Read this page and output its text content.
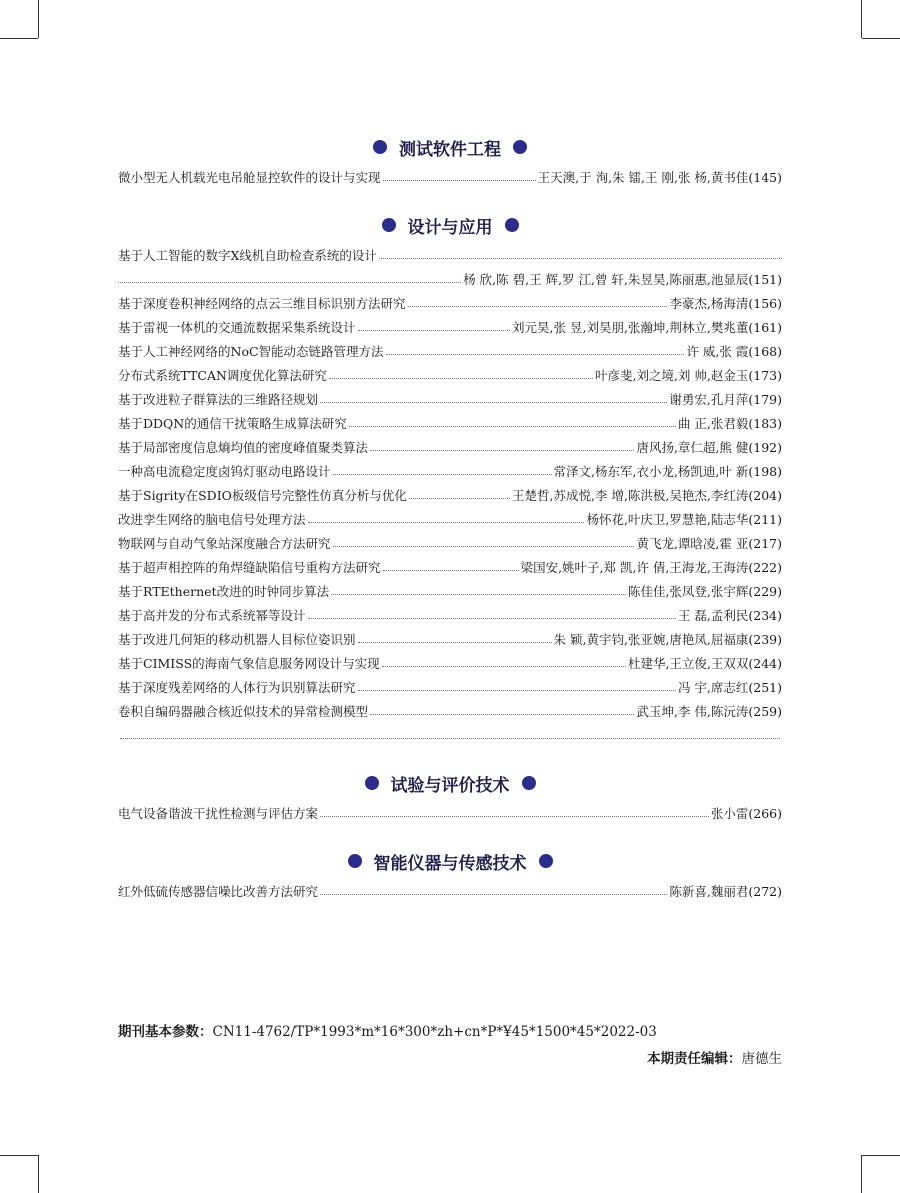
测试软件工程
微小型无人机载光电吊舱显控软件的设计与实现	王天澳,于 洵,朱 镭,王 刚,张 杨,黄书佳(145)
设计与应用
基于人工智能的数字X线机自助检查系统的设计
杨 欣,陈 碧,王 辉,罗 江,曾 轩,朱昱昊,陈丽惠,池显辰(151)
基于深度卷积神经网络的点云三维目标识别方法研究	李豪杰,杨海清(156)
基于雷视一体机的交通流数据采集系统设计	刘元昊,张 昱,刘昊朋,张瀚坤,荆林立,樊兆董(161)
基于人工神经网络的NoC智能动态链路管理方法	许 威,张 霞(168)
分布式系统TTCAN调度优化算法研究	叶彦斐,刘之境,刘 帅,赵金玉(173)
基于改进粒子群算法的三维路径规划	谢勇宏,孔月萍(179)
基于DDQN的通信干扰策略生成算法研究	曲 正,张君毅(183)
基于局部密度信息熵均值的密度峰值聚类算法	唐风扬,章仁超,熊 健(192)
一种高电流稳定度卤钨灯驱动电路设计	常泽文,杨东军,衣小龙,杨凯迪,叶 新(198)
基于Sigrity在SDIO板级信号完整性仿真分析与优化	王楚哲,苏成悦,李 增,陈洪极,吴艳杰,李红涛(204)
改进孪生网络的脑电信号处理方法	杨怀花,叶庆卫,罗慧艳,陆志华(211)
物联网与自动气象站深度融合方法研究	黄飞龙,谭晗凌,霍 亚(217)
基于超声相控阵的角焊缝缺陷信号重构方法研究	梁国安,姚叶子,郑 凯,许 倩,王海龙,王海涛(222)
基于RTEthernet改进的时钟同步算法	陈佳佳,张凤登,张宇辉(229)
基于高并发的分布式系统幂等设计	王 磊,孟利民(234)
基于改进几何矩的移动机器人目标位姿识别	朱 颖,黄宇钧,张亚婉,唐艳凤,屈福康(239)
基于CIMISS的海南气象信息服务网设计与实现	杜建华,王立俊,王双双(244)
基于深度残差网络的人体行为识别算法研究	冯 宇,席志红(251)
卷积自编码器融合核近似技术的异常检测模型	武玉坤,李 伟,陈沅涛(259)
试验与评价技术
电气设备谐波干扰性检测与评估方案	张小雷(266)
智能仪器与传感技术
红外低硫传感器信噪比改善方法研究	陈新喜,魏丽君(272)
期刊基本参数：CN11-4762/TP*1993*m*16*300*zh+cn*P*¥45*1500*45*2022-03
本期责任编辑：唐德生
